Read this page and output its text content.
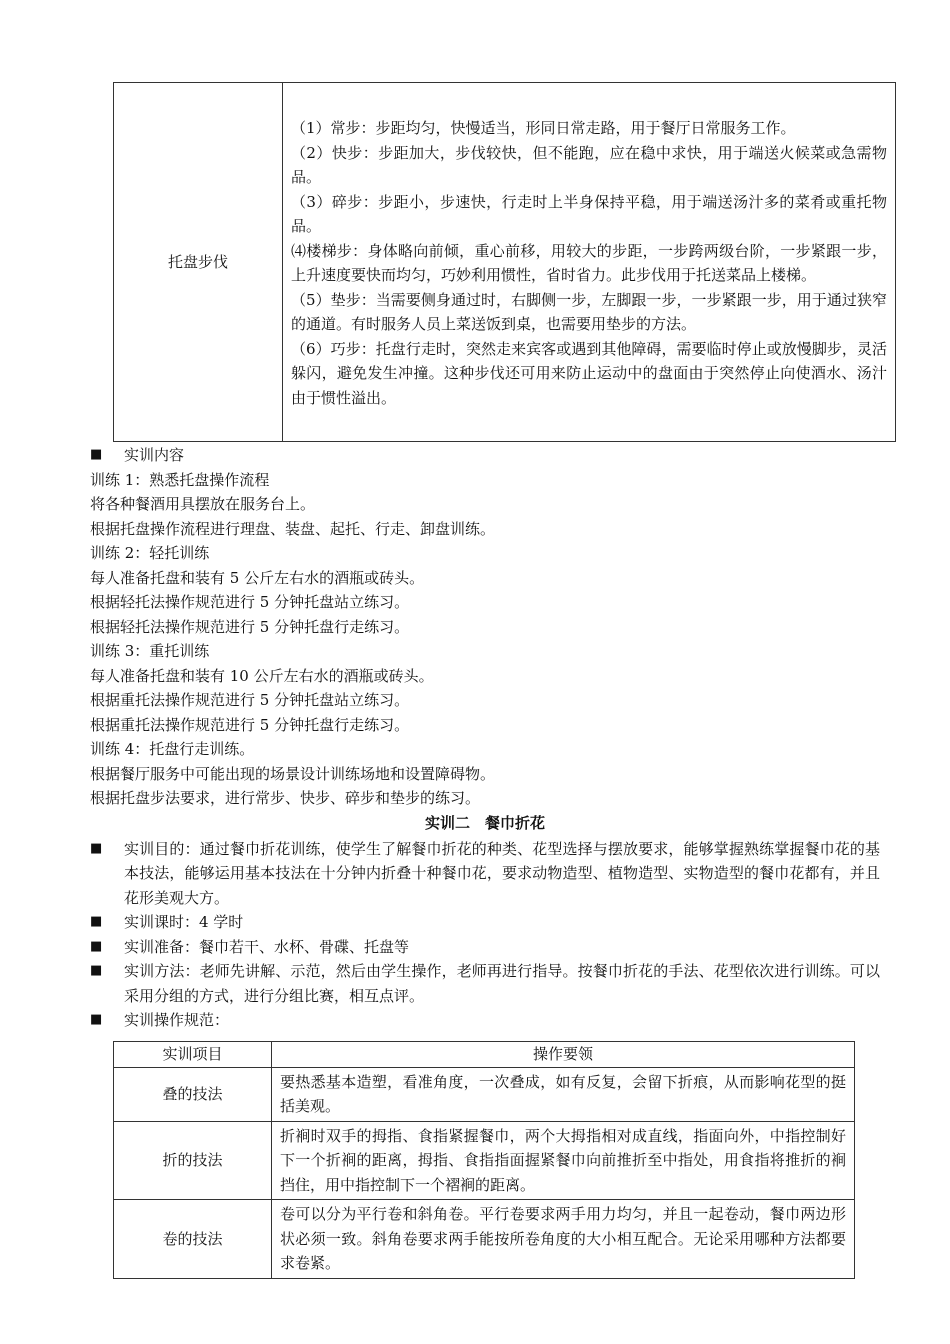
托盘步伐	

（1）常步：步距均匀，快慢适当，形同日常走路，用于餐厅日常服务工作。

（2）快步：步距加大，步伐较快，但不能跑，应在稳中求快，用于端送火候菜或急需物品。

（3）碎步：步距小，步速快，行走时上半身保持平稳，用于端送汤汁多的菜肴或重托物品。

⑷楼梯步：身体略向前倾，重心前移，用较大的步距，一步跨两级台阶，一步紧跟一步，上升速度要快而均匀，巧妙利用惯性，省时省力。此步伐用于托送菜品上楼梯。

（5）垫步：当需要侧身通过时，右脚侧一步，左脚跟一步，一步紧跟一步，用于通过狭窄的通道。有时服务人员上菜送饭到桌，也需要用垫步的方法。

（6）巧步：托盘行走时，突然走来宾客或遇到其他障碍，需要临时停止或放慢脚步，灵活躲闪，避免发生冲撞。这种步伐还可用来防止运动中的盘面由于突然停止向使酒水、汤汁由于惯性溢出。

■	实训内容
训练 1：熟悉托盘操作流程
将各种餐酒用具摆放在服务台上。
根据托盘操作流程进行理盘、装盘、起托、行走、卸盘训练。
训练 2：轻托训练
每人准备托盘和装有 5 公斤左右水的酒瓶或砖头。
根据轻托法操作规范进行 5 分钟托盘站立练习。
根据轻托法操作规范进行 5 分钟托盘行走练习。
训练 3：重托训练
每人准备托盘和装有 10 公斤左右水的酒瓶或砖头。
根据重托法操作规范进行 5 分钟托盘站立练习。
根据重托法操作规范进行 5 分钟托盘行走练习。
训练 4：托盘行走训练。
根据餐厅服务中可能出现的场景设计训练场地和设置障碍物。
根据托盘步法要求，进行常步、快步、碎步和垫步的练习。
实训二　餐巾折花
■	实训目的：通过餐巾折花训练，使学生了解餐巾折花的种类、花型选择与摆放要求，能够掌握熟练掌握餐巾花的基本技法，能够运用基本技法在十分钟内折叠十种餐巾花，要求动物造型、植物造型、实物造型的餐巾花都有，并且花形美观大方。
■	实训课时：4 学时
■	实训准备：餐巾若干、水杯、骨碟、托盘等
■	实训方法：老师先讲解、示范，然后由学生操作，老师再进行指导。按餐巾折花的手法、花型依次进行训练。可以采用分组的方式，进行分组比赛，相互点评。
■	实训操作规范：
实训项目	操作要领
叠的技法	要热悉基本造塑，看准角度，一次叠成，如有反复，会留下折痕，从而影响花型的挺括美观。
折的技法	折裥时双手的拇指、食指紧握餐巾，两个大拇指相对成直线，指面向外，中指控制好下一个折裥的距离，拇指、食指指面握紧餐巾向前推折至中指处，用食指将推折的裥挡住，用中指控制下一个褶裥的距离。
卷的技法	卷可以分为平行卷和斜角卷。平行卷要求两手用力均匀，并且一起卷动，餐巾两边形状必须一致。斜角卷要求两手能按所卷角度的大小相互配合。无论采用哪种方法都要求卷紧。
